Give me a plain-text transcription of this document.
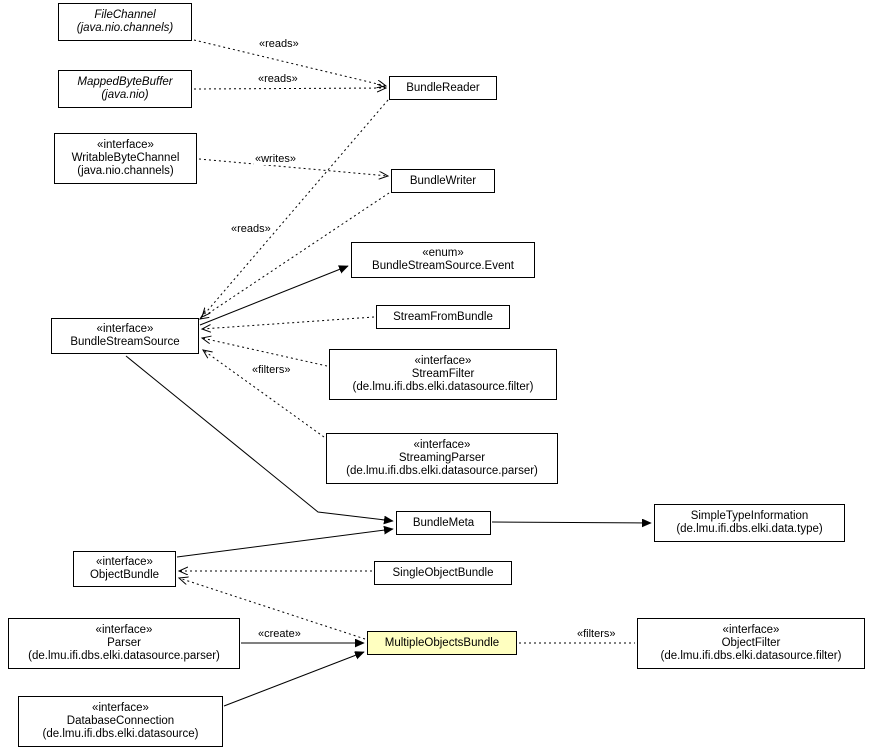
FileChannel
(java.nio.channels)
MappedByteBuffer
(java.nio)
«interface»
WritableByteChannel
(java.nio.channels)
BundleReader
BundleWriter
«enum»
BundleStreamSource.Event
StreamFromBundle
«interface»
BundleStreamSource
«interface»
StreamFilter
(de.lmu.ifi.dbs.elki.datasource.filter)
«interface»
StreamingParser
(de.lmu.ifi.dbs.elki.datasource.parser)
BundleMeta
SimpleTypeInformation
(de.lmu.ifi.dbs.elki.data.type)
«interface»
ObjectBundle	SingleObjectBundle
«interface»
Parser
(de.lmu.ifi.dbs.elki.datasource.parser)
MultipleObjectsBundle
«interface»
ObjectFilter
(de.lmu.ifi.dbs.elki.datasource.filter)
«interface»
DatabaseConnection
(de.lmu.ifi.dbs.elki.datasource)
«reads»
«reads»
«writes»
«reads»
«filters»
«create»	«filters»
